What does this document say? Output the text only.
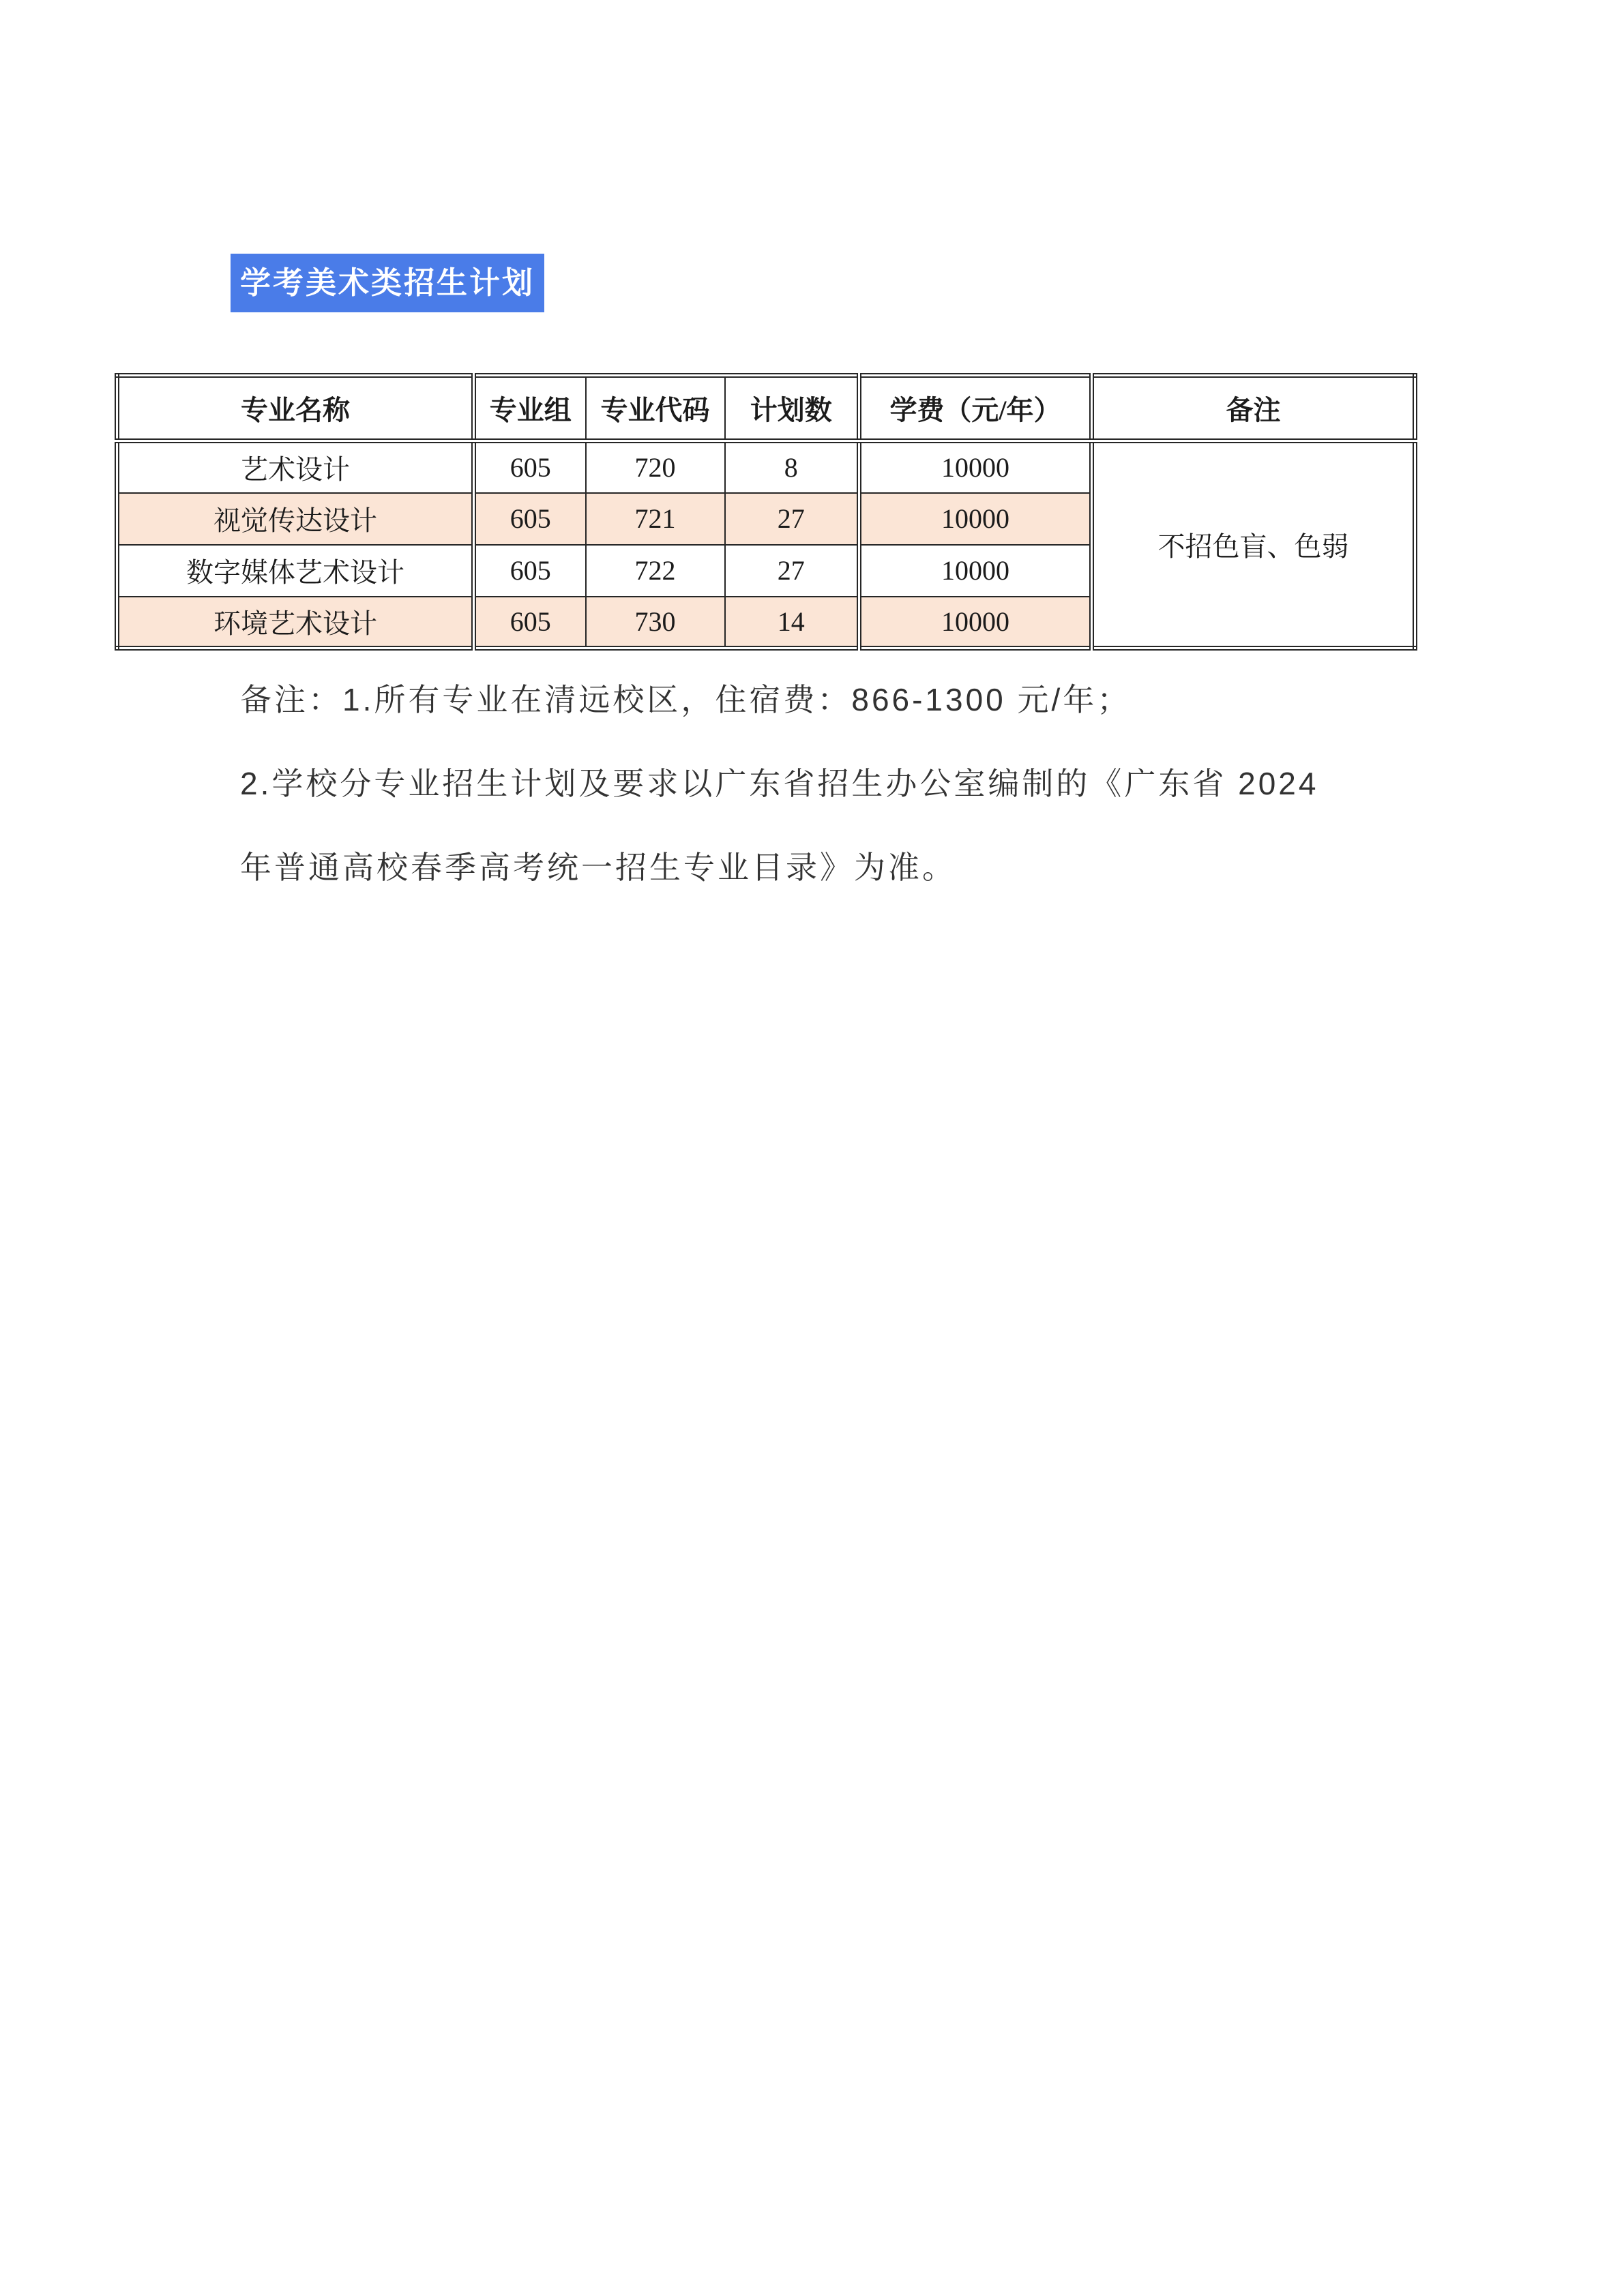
学考美术类招生计划
专业名称	专业组	专业代码	计划数	学费（元/年）	备注
艺术设计	605	720	8	10000	不招色盲、色弱
视觉传达设计	605	721	27	10000	
数字媒体艺术设计	605	722	27	10000	
环境艺术设计	605	730	14	10000	

备注：1.所有专业在清远校区，住宿费：866-1300 元/年；

2.学校分专业招生计划及要求以广东省招生办公室编制的《广东省 2024

年普通高校春季高考统一招生专业目录》为准。
